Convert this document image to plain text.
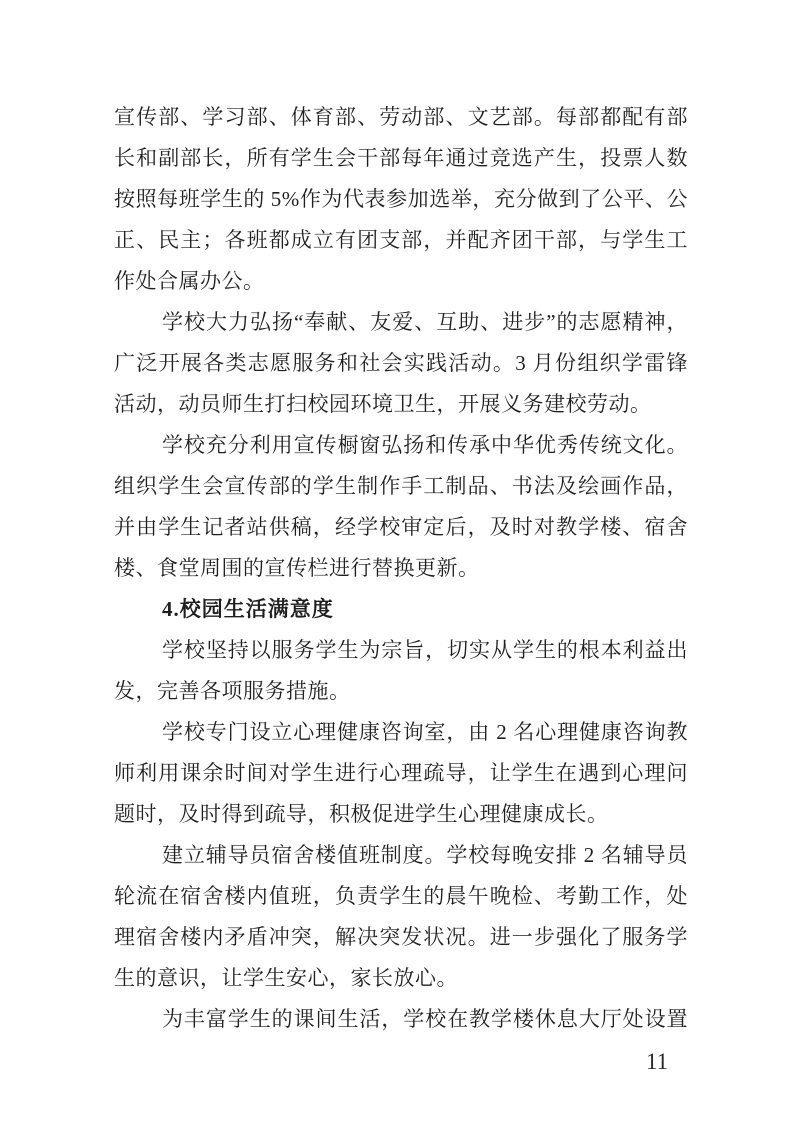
宣传部、学习部、体育部、劳动部、文艺部。每部都配有部
长和副部长，所有学生会干部每年通过竞选产生，投票人数
按照每班学生的 5%作为代表参加选举，充分做到了公平、公
正、民主；各班都成立有团支部，并配齐团干部，与学生工
作处合属办公。
学校大力弘扬“奉献、友爱、互助、进步”的志愿精神，
广泛开展各类志愿服务和社会实践活动。3 月份组织学雷锋
活动，动员师生打扫校园环境卫生，开展义务建校劳动。
学校充分利用宣传橱窗弘扬和传承中华优秀传统文化。
组织学生会宣传部的学生制作手工制品、书法及绘画作品，
并由学生记者站供稿，经学校审定后，及时对教学楼、宿舍
楼、食堂周围的宣传栏进行替换更新。
4.校园生活满意度
学校坚持以服务学生为宗旨，切实从学生的根本利益出
发，完善各项服务措施。
学校专门设立心理健康咨询室，由 2 名心理健康咨询教
师利用课余时间对学生进行心理疏导，让学生在遇到心理问
题时，及时得到疏导，积极促进学生心理健康成长。
建立辅导员宿舍楼值班制度。学校每晚安排 2 名辅导员
轮流在宿舍楼内值班，负责学生的晨午晚检、考勤工作，处
理宿舍楼内矛盾冲突，解决突发状况。进一步强化了服务学
生的意识，让学生安心，家长放心。
为丰富学生的课间生活，学校在教学楼休息大厅处设置
11
